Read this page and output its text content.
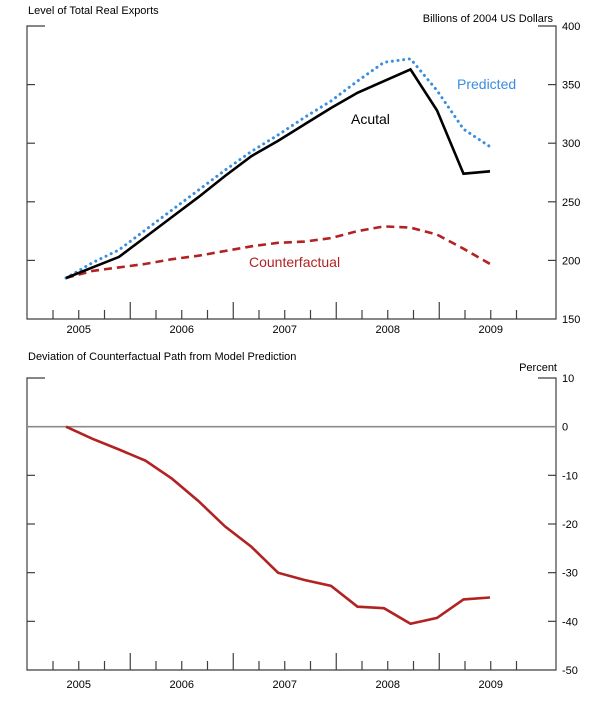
Level of Total Real Exports
Billions of 2004 US Dollars
Deviation of Counterfactual Path from Model Prediction
Percent
400
350
300
250
200
150
2005	2006	2007	2008	2009
10
0
-10
-20
-30
-40
-50
2005	2006	2007	2008	2009
Predicted
Acutal
Counterfactual
